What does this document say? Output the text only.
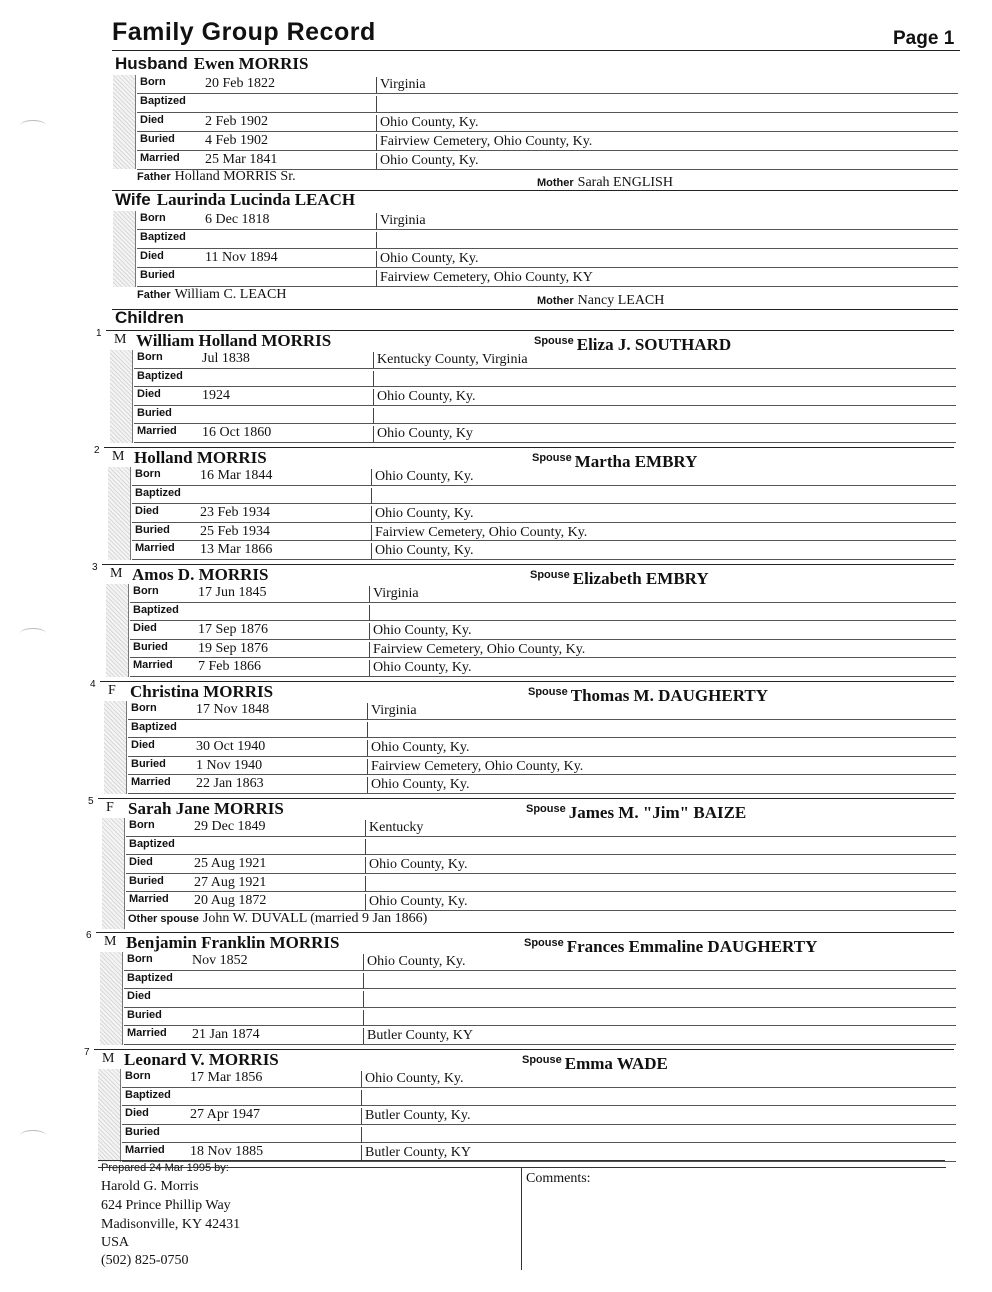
Family Group Record	Page 1
Husband Ewen MORRIS
Born	20 Feb 1822	Virginia
Baptized
Died	2 Feb 1902	Ohio County, Ky.
Buried 4 Feb 1902	Fairview Cemetery, Ohio County, Ky.
Married 25 Mar 1841	Ohio County, Ky.
Father Holland MORRIS Sr.	Mother Sarah ENGLISH
Wife Laurinda Lucinda LEACH
Born	6 Dec 1818	Virginia
Baptized
Died	11 Nov 1894	Ohio County, Ky.
Buried	Fairview Cemetery, Ohio County, KY
Father William C. LEACH	Mother Nancy LEACH
Children
1 M William Holland MORRIS	$^{Spouse}$ Eliza J. SOUTHARD
Born	Jul 1838	Kentucky County, Virginia
Baptized
Died	1924	Ohio County, Ky.
Buried
Married 16 Oct 1860	Ohio County, Ky
2 M Holland MORRIS	$^{Spouse}$ Martha EMBRY
Born	16 Mar 1844	Ohio County, Ky.
Baptized
Died	23 Feb 1934	Ohio County, Ky.
Buried 25 Feb 1934	Fairview Cemetery, Ohio County, Ky.
Married 13 Mar 1866	Ohio County, Ky.
3 M Amos D. MORRIS	$^{Spouse}$ Elizabeth EMBRY
Born	17 Jun 1845	Virginia
Baptized
Died	17 Sep 1876	Ohio County, Ky.
Buried 19 Sep 1876	Fairview Cemetery, Ohio County, Ky.
Married 7 Feb 1866	Ohio County, Ky.
4 F Christina MORRIS	$^{Spouse}$ Thomas M. DAUGHERTY
Born	17 Nov 1848	Virginia
Baptized
Died	30 Oct 1940	Ohio County, Ky.
Buried 1 Nov 1940	Fairview Cemetery, Ohio County, Ky.
Married 22 Jan 1863	Ohio County, Ky.
5 F Sarah Jane MORRIS	$^{Spouse}$ James M. "Jim" BAIZE
Born	29 Dec 1849	Kentucky
Baptized
Died	25 Aug 1921	Ohio County, Ky.
Buried 27 Aug 1921
Married 20 Aug 1872	Ohio County, Ky.
Other spouse John W. DUVALL (married 9 Jan 1866)
6 M Benjamin Franklin MORRIS	$^{Spouse}$ Frances Emmaline DAUGHERTY
Born	Nov 1852	Ohio County, Ky.
Baptized
Died
Buried
Married 21 Jan 1874	Butler County, KY
7 M Leonard V. MORRIS	$^{Spouse}$ Emma WADE
Born	17 Mar 1856	Ohio County, Ky.
Baptized
Died	27 Apr 1947	Butler County, Ky.
Buried
Married 18 Nov 1885	Butler County, KY
Prepared 24 Mar 1995 by:
Harold G. Morris
624 Prince Phillip Way
Madisonville, KY 42431
USA
(502) 825-0750
Comments:
